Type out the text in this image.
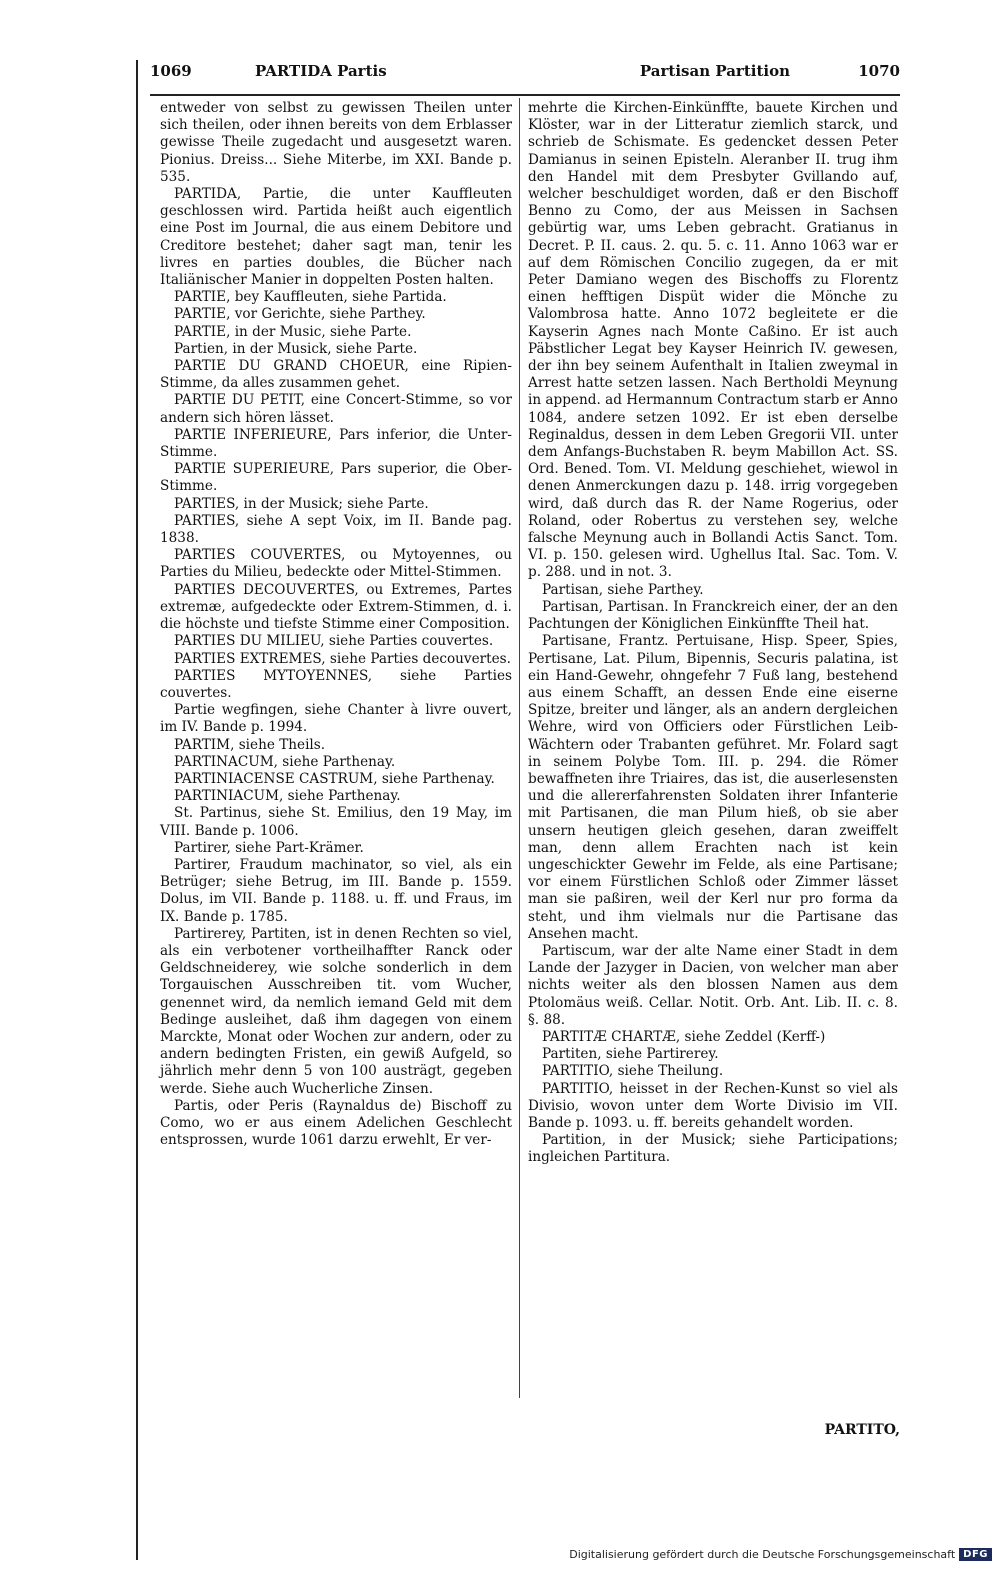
1069	PARTIDA Partis	Partisan Partition	1070

entweder von selbst zu gewissen Theilen unter sich theilen, oder ihnen bereits von dem Erblasser gewisse Theile zugedacht und ausgesetzt waren. Pionius. Dreiss... Siehe Miterbe, im XXI. Bande p. 535.

PARTIDA, Partie, die unter Kauffleuten geschlossen wird. Partida heißt auch eigentlich eine Post im Journal, die aus einem Debitore und Creditore bestehet; daher sagt man, tenir les livres en parties doubles, die Bücher nach Italiänischer Manier in doppelten Posten halten.

PARTIE, bey Kauffleuten, siehe Partida.

PARTIE, vor Gerichte, siehe Parthey.

PARTIE, in der Music, siehe Parte.

Partien, in der Musick, siehe Parte.

PARTIE DU GRAND CHOEUR, eine Ripien-Stimme, da alles zusammen gehet.

PARTIE DU PETIT, eine Concert-Stimme, so vor andern sich hören lässet.

PARTIE INFERIEURE, Pars inferior, die Unter-Stimme.

PARTIE SUPERIEURE, Pars superior, die Ober-Stimme.

PARTIES, in der Musick; siehe Parte.

PARTIES, siehe A sept Voix, im II. Bande pag. 1838.

PARTIES COUVERTES, ou Mytoyennes, ou Parties du Milieu, bedeckte oder Mittel-Stimmen.

PARTIES DECOUVERTES, ou Extremes, Partes extremæ, aufgedeckte oder Extrem-Stimmen, d. i. die höchste und tiefste Stimme einer Composition.

PARTIES DU MILIEU, siehe Parties couvertes.

PARTIES EXTREMES, siehe Parties decouvertes.

PARTIES MYTOYENNES, siehe Parties couvertes.

Partie wegfingen, siehe Chanter à livre ouvert, im IV. Bande p. 1994.

PARTIM, siehe Theils.

PARTINACUM, siehe Parthenay.

PARTINIACENSE CASTRUM, siehe Parthenay.

PARTINIACUM, siehe Parthenay.

St. Partinus, siehe St. Emilius, den 19 May, im VIII. Bande p. 1006.

Partirer, siehe Part-Krämer.

Partirer, Fraudum machinator, so viel, als ein Betrüger; siehe Betrug, im III. Bande p. 1559. Dolus, im VII. Bande p. 1188. u. ff. und Fraus, im IX. Bande p. 1785.

Partirerey, Partiten, ist in denen Rechten so viel, als ein verbotener vortheilhaffter Ranck oder Geldschneiderey, wie solche sonderlich in dem Torgauischen Ausschreiben tit. vom Wucher, genennet wird, da nemlich iemand Geld mit dem Bedinge ausleihet, daß ihm dagegen von einem Marckte, Monat oder Wochen zur andern, oder zu andern bedingten Fristen, ein gewiß Aufgeld, so jährlich mehr denn 5 von 100 austrägt, gegeben werde. Siehe auch Wucherliche Zinsen.

Partis, oder Peris (Raynaldus de) Bischoff zu Como, wo er aus einem Adelichen Geschlecht entsprossen, wurde 1061 darzu erwehlt, Er ver-

mehrte die Kirchen-Einkünffte, bauete Kirchen und Klöster, war in der Litteratur ziemlich starck, und schrieb de Schismate. Es gedencket dessen Peter Damianus in seinen Episteln. Aleranber II. trug ihm den Handel mit dem Presbyter Gvillando auf, welcher beschuldiget worden, daß er den Bischoff Benno zu Como, der aus Meissen in Sachsen gebürtig war, ums Leben gebracht. Gratianus in Decret. P. II. caus. 2. qu. 5. c. 11. Anno 1063 war er auf dem Römischen Concilio zugegen, da er mit Peter Damiano wegen des Bischoffs zu Florentz einen hefftigen Dispüt wider die Mönche zu Valombrosa hatte. Anno 1072 begleitete er die Kayserin Agnes nach Monte Caßino. Er ist auch Päbstlicher Legat bey Kayser Heinrich IV. gewesen, der ihn bey seinem Aufenthalt in Italien zweymal in Arrest hatte setzen lassen. Nach Bertholdi Meynung in append. ad Hermannum Contractum starb er Anno 1084, andere setzen 1092. Er ist eben derselbe Reginaldus, dessen in dem Leben Gregorii VII. unter dem Anfangs-Buchstaben R. beym Mabillon Act. SS. Ord. Bened. Tom. VI. Meldung geschiehet, wiewol in denen Anmerckungen dazu p. 148. irrig vorgegeben wird, daß durch das R. der Name Rogerius, oder Roland, oder Robertus zu verstehen sey, welche falsche Meynung auch in Bollandi Actis Sanct. Tom. VI. p. 150. gelesen wird. Ughellus Ital. Sac. Tom. V. p. 288. und in not. 3.

Partisan, siehe Parthey.

Partisan, Partisan. In Franckreich einer, der an den Pachtungen der Königlichen Einkünffte Theil hat.

Partisane, Frantz. Pertuisane, Hisp. Speer, Spies, Pertisane, Lat. Pilum, Bipennis, Securis palatina, ist ein Hand-Gewehr, ohngefehr 7 Fuß lang, bestehend aus einem Schafft, an dessen Ende eine eiserne Spitze, breiter und länger, als an andern dergleichen Wehre, wird von Officiers oder Fürstlichen Leib-Wächtern oder Trabanten geführet. Mr. Folard sagt in seinem Polybe Tom. III. p. 294. die Römer bewaffneten ihre Triaires, das ist, die auserlesensten und die allererfahrensten Soldaten ihrer Infanterie mit Partisanen, die man Pilum hieß, ob sie aber unsern heutigen gleich gesehen, daran zweiffelt man, denn allem Erachten nach ist kein ungeschickter Gewehr im Felde, als eine Partisane; vor einem Fürstlichen Schloß oder Zimmer lässet man sie paßiren, weil der Kerl nur pro forma da steht, und ihm vielmals nur die Partisane das Ansehen macht.

Partiscum, war der alte Name einer Stadt in dem Lande der Jazyger in Dacien, von welcher man aber nichts weiter als den blossen Namen aus dem Ptolomäus weiß. Cellar. Notit. Orb. Ant. Lib. II. c. 8. §. 88.

PARTITÆ CHARTÆ, siehe Zeddel (Kerff-)

Partiten, siehe Partirerey.

PARTITIO, siehe Theilung.

PARTITIO, heisset in der Rechen-Kunst so viel als Divisio, wovon unter dem Worte Divisio im VII. Bande p. 1093. u. ff. bereits gehandelt worden.

Partition, in der Musick; siehe Participations; ingleichen Partitura.

PARTITO,
Digitalisierung gefördert durch die Deutsche Forschungsgemeinschaft DFG
